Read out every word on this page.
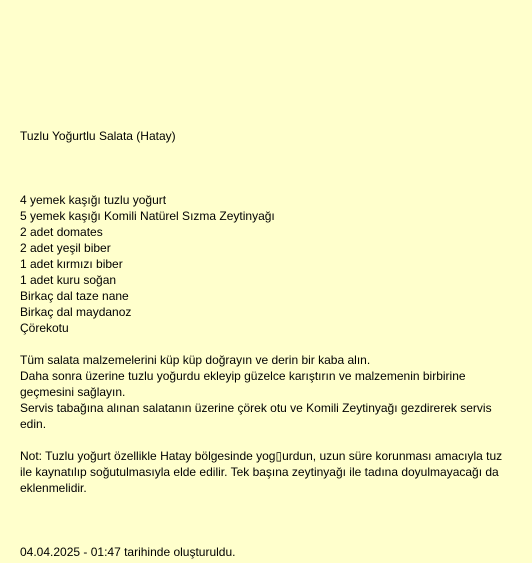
Tuzlu Yoğurtlu Salata (Hatay)
4 yemek kaşığı tuzlu yoğurt
5 yemek kaşığı Komili Natürel Sızma Zeytinyağı
2 adet domates
2 adet yeşil biber
1 adet kırmızı biber
1 adet kuru soğan
Birkaç dal taze nane
Birkaç dal maydanoz
Çörekotu

Tüm salata malzemelerini küp küp doğrayın ve derin bir kaba alın.

Daha sonra üzerine tuzlu yoğurdu ekleyip güzelce karıştırın ve malzemenin birbirine geçmesini sağlayın.

Servis tabağına alınan salatanın üzerine çörek otu ve Komili Zeytinyağı gezdirerek servis edin.

Not: Tuzlu yoğurt özellikle Hatay bölgesinde yog▯urdun, uzun süre korunması amacıyla tuz ile kaynatılıp soğutulmasıyla elde edilir. Tek başına zeytinyağı ile tadına doyulmayacağı da eklenmelidir.

04.04.2025 - 01:47 tarihinde oluşturuldu.
